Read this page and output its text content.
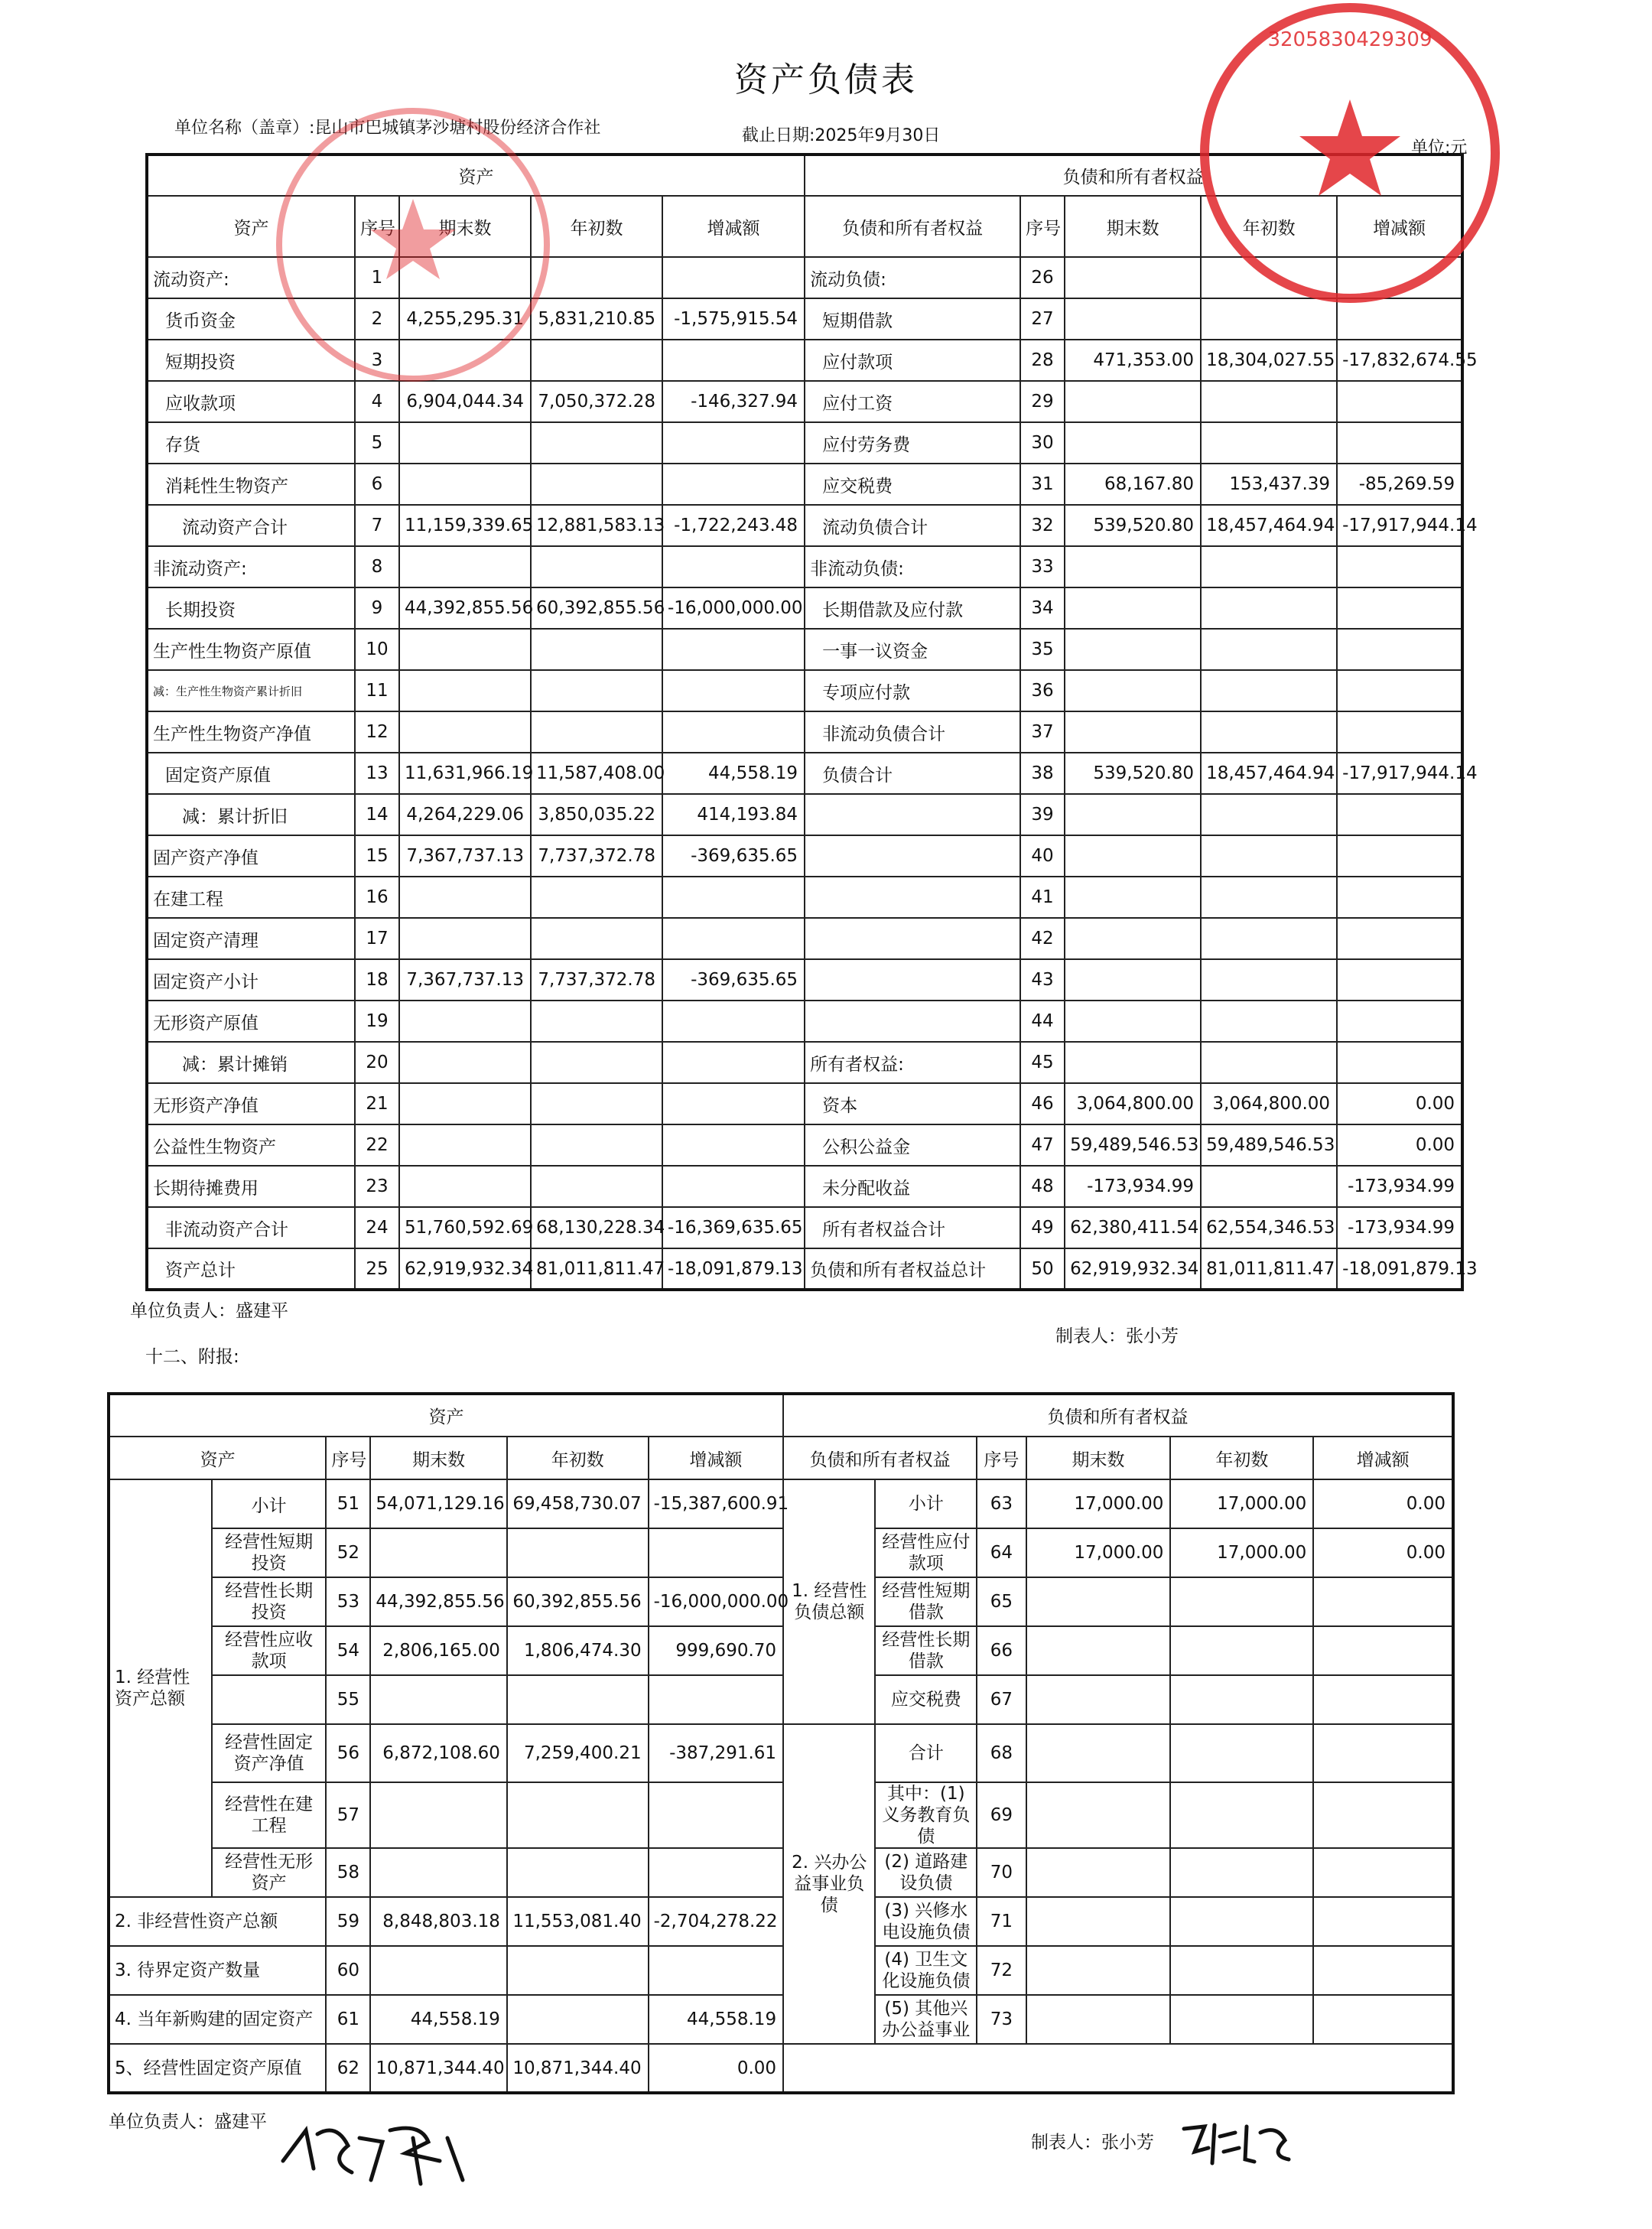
资产负债表
单位名称（盖章）:昆山市巴城镇茅沙塘村股份经济合作社	截止日期:2025年9月30日
单位:元
资产					负债和所有者权益				
资产	序号	期末数	年初数	增减额	负债和所有者权益	序号	期末数	年初数	增减额
流动资产:	1				流动负债:	26			
货币资金	2	4,255,295.31	5,831,210.85	-1,575,915.54	短期借款	27			
短期投资	3				应付款项	28	471,353.00	18,304,027.55	-17,832,674.55
应收款项	4	6,904,044.34	7,050,372.28	-146,327.94	应付工资	29			
存货	5				应付劳务费	30			
消耗性生物资产	6				应交税费	31	68,167.80	153,437.39	-85,269.59
流动资产合计	7	11,159,339.65	12,881,583.13	-1,722,243.48	流动负债合计	32	539,520.80	18,457,464.94	-17,917,944.14
非流动资产:	8				非流动负债:	33			
长期投资	9	44,392,855.56	60,392,855.56	-16,000,000.00	长期借款及应付款	34			
生产性生物资产原值	10				一事一议资金	35			
减：生产性生物资产累计折旧	11				专项应付款	36			
生产性生物资产净值	12				非流动负债合计	37			
固定资产原值	13	11,631,966.19	11,587,408.00	44,558.19	负债合计	38	539,520.80	18,457,464.94	-17,917,944.14
减：累计折旧	14	4,264,229.06	3,850,035.22	414,193.84		39			
固产资产净值	15	7,367,737.13	7,737,372.78	-369,635.65		40			
在建工程	16					41			
固定资产清理	17					42			
固定资产小计	18	7,367,737.13	7,737,372.78	-369,635.65		43			
无形资产原值	19					44			
减：累计摊销	20				所有者权益:	45			
无形资产净值	21				资本	46	3,064,800.00	3,064,800.00	0.00
公益性生物资产	22				公积公益金	47	59,489,546.53	59,489,546.53	0.00
长期待摊费用	23				未分配收益	48	-173,934.99		-173,934.99
非流动资产合计	24	51,760,592.69	68,130,228.34	-16,369,635.65	所有者权益合计	49	62,380,411.54	62,554,346.53	-173,934.99
资产总计	25	62,919,932.34	81,011,811.47	-18,091,879.13	负债和所有者权益总计	50	62,919,932.34	81,011,811.47	-18,091,879.13
单位负责人：盛建平
制表人：张小芳
十二、附报:
资产						负债和所有者权益					
资产		序号	期末数	年初数	增减额	负债和所有者权益		序号	期末数	年初数	增减额
1. 经营性资产总额	小计	51	54,071,129.16	69,458,730.07	-15,387,600.91	1. 经营性负债总额	小计	63	17,000.00	17,000.00	0.00
	经营性短期投资	52					经营性应付款项	64	17,000.00	17,000.00	0.00
	经营性长期投资	53	44,392,855.56	60,392,855.56	-16,000,000.00		经营性短期借款	65			
	经营性应收款项	54	2,806,165.00	1,806,474.30	999,690.70		经营性长期借款	66			
		55					应交税费	67			
	经营性固定资产净值	56	6,872,108.60	7,259,400.21	-387,291.61	2. 兴办公益事业负债	合计	68			
	经营性在建工程	57					其中：(1) 义务教育负债	69			
	经营性无形资产	58					(2) 道路建设负债	70			
2. 非经营性资产总额		59	8,848,803.18	11,553,081.40	-2,704,278.22		(3) 兴修水电设施负债	71			
3. 待界定资产数量		60					(4) 卫生文化设施负债	72			
4. 当年新购建的固定资产		61	44,558.19		44,558.19		(5) 其他兴办公益事业	73			
5、经营性固定资产原值		62	10,871,344.40	10,871,344.40	0.00						
单位负责人：盛建平
制表人：张小芳
3205830429309
